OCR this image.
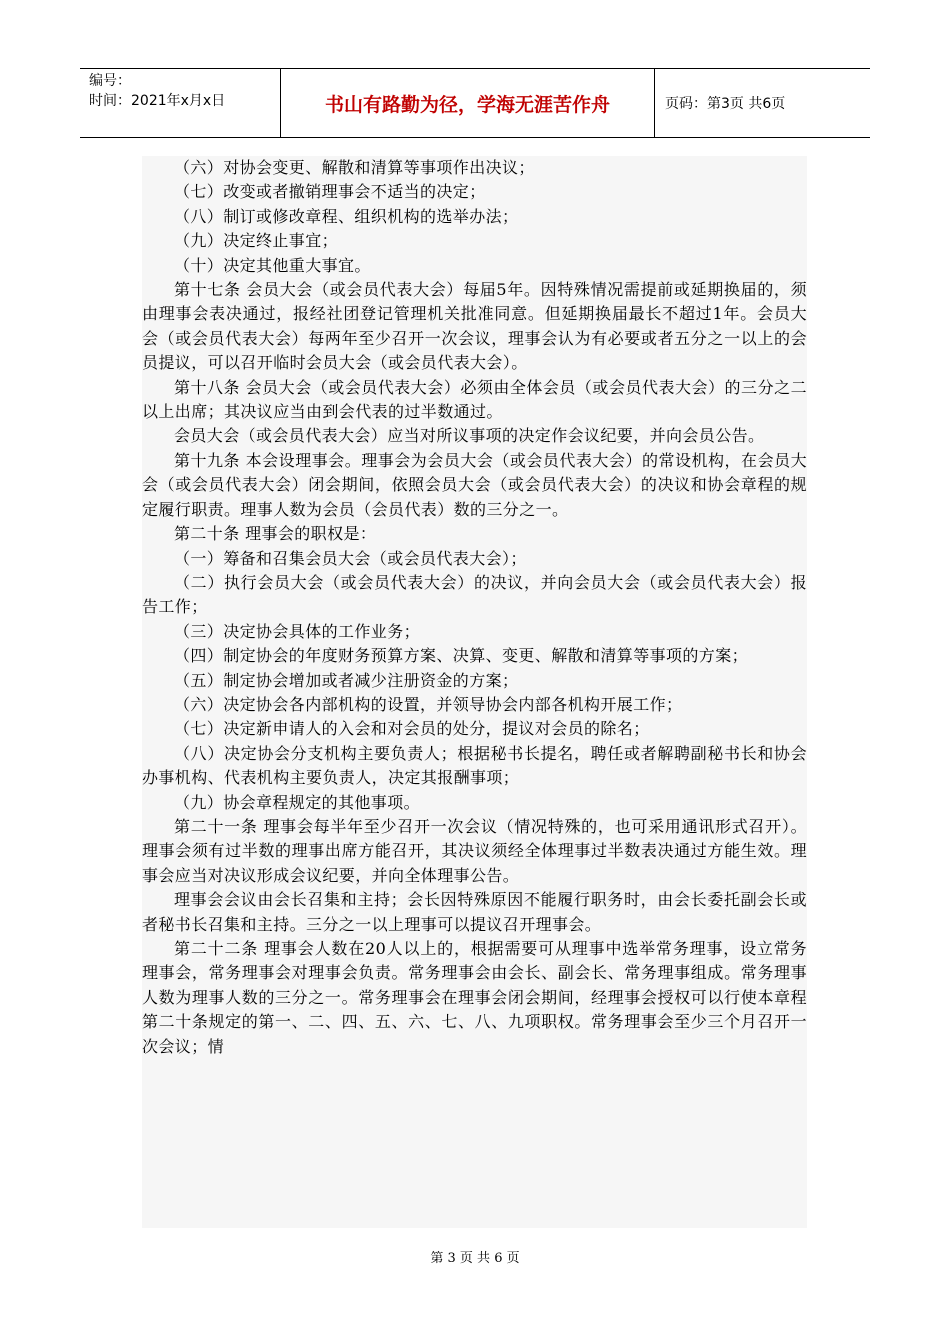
编号：
时间：2021年x月x日	书山有路勤为径，学海无涯苦作舟	页码：第3页 共6页

（六）对协会变更、解散和清算等事项作出决议；

（七）改变或者撤销理事会不适当的决定；

（八）制订或修改章程、组织机构的选举办法；

（九）决定终止事宜；

（十）决定其他重大事宜。

第十七条 会员大会（或会员代表大会）每届5年。因特殊情况需提前或延期换届的，须由理事会表决通过，报经社团登记管理机关批准同意。但延期换届最长不超过1年。会员大会（或会员代表大会）每两年至少召开一次会议，理事会认为有必要或者五分之一以上的会员提议，可以召开临时会员大会（或会员代表大会）。

第十八条 会员大会（或会员代表大会）必须由全体会员（或会员代表大会）的三分之二以上出席；其决议应当由到会代表的过半数通过。

会员大会（或会员代表大会）应当对所议事项的决定作会议纪要，并向会员公告。

第十九条 本会设理事会。理事会为会员大会（或会员代表大会）的常设机构，在会员大会（或会员代表大会）闭会期间，依照会员大会（或会员代表大会）的决议和协会章程的规定履行职责。理事人数为会员（会员代表）数的三分之一。

第二十条 理事会的职权是：

（一）筹备和召集会员大会（或会员代表大会）；

（二）执行会员大会（或会员代表大会）的决议，并向会员大会（或会员代表大会）报告工作；

（三）决定协会具体的工作业务；

（四）制定协会的年度财务预算方案、决算、变更、解散和清算等事项的方案；

（五）制定协会增加或者减少注册资金的方案；

（六）决定协会各内部机构的设置，并领导协会内部各机构开展工作；

（七）决定新申请人的入会和对会员的处分，提议对会员的除名；

（八）决定协会分支机构主要负责人；根据秘书长提名，聘任或者解聘副秘书长和协会办事机构、代表机构主要负责人，决定其报酬事项；

（九）协会章程规定的其他事项。

第二十一条 理事会每半年至少召开一次会议（情况特殊的，也可采用通讯形式召开）。理事会须有过半数的理事出席方能召开，其决议须经全体理事过半数表决通过方能生效。理事会应当对决议形成会议纪要，并向全体理事公告。

理事会会议由会长召集和主持；会长因特殊原因不能履行职务时，由会长委托副会长或者秘书长召集和主持。三分之一以上理事可以提议召开理事会。

第二十二条 理事会人数在20人以上的，根据需要可从理事中选举常务理事，设立常务理事会，常务理事会对理事会负责。常务理事会由会长、副会长、常务理事组成。常务理事人数为理事人数的三分之一。常务理事会在理事会闭会期间，经理事会授权可以行使本章程第二十条规定的第一、二、四、五、六、七、八、九项职权。常务理事会至少三个月召开一次会议；情

第 3 页 共 6 页
